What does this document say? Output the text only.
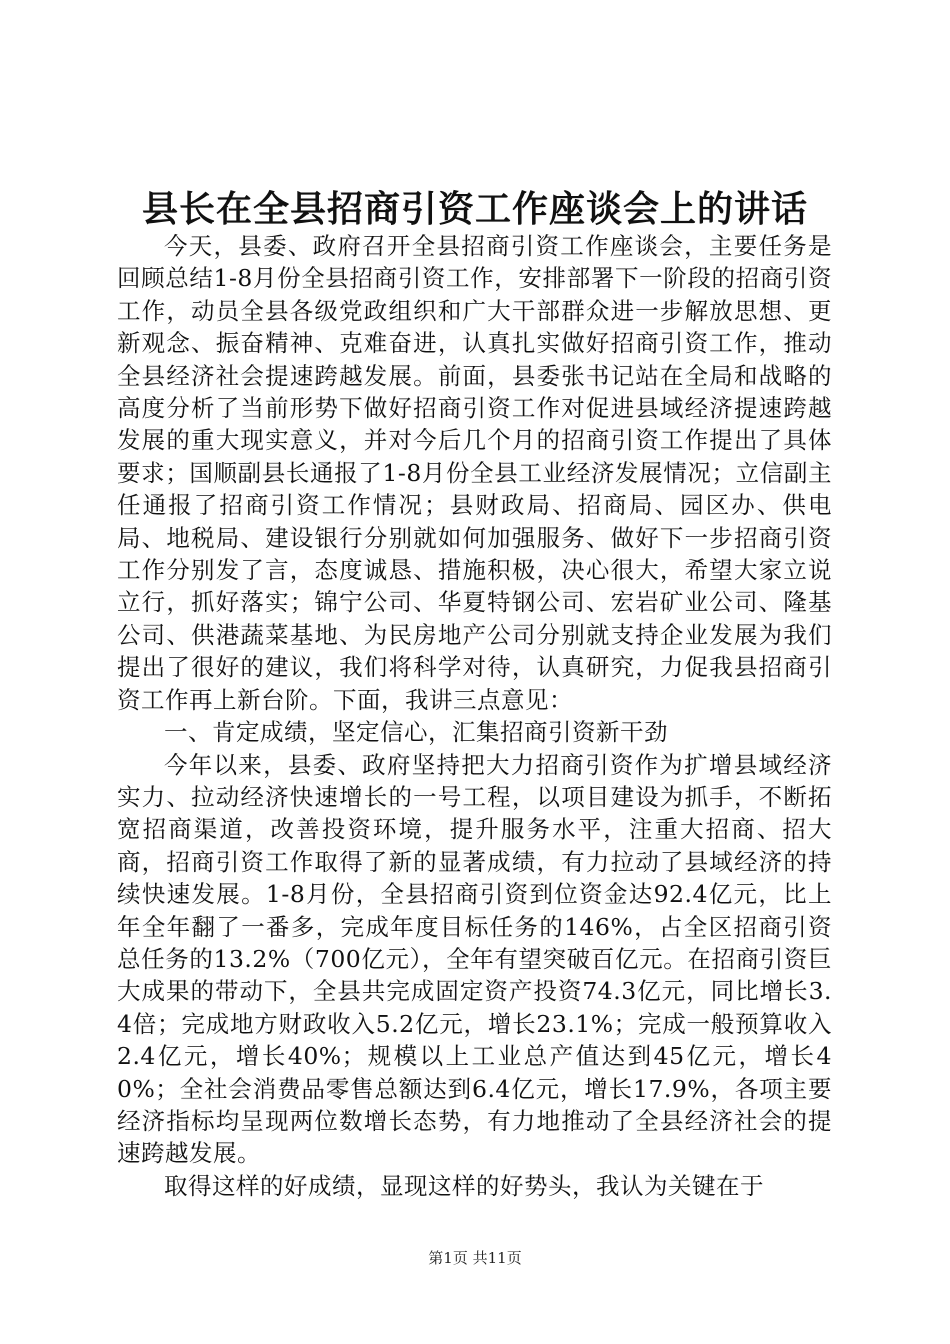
县长在全县招商引资工作座谈会上的讲话

今天，县委、政府召开全县招商引资工作座谈会，主要任务是回顾总结1-8月份全县招商引资工作，安排部署下一阶段的招商引资工作，动员全县各级党政组织和广大干部群众进一步解放思想、更新观念、振奋精神、克难奋进，认真扎实做好招商引资工作，推动全县经济社会提速跨越发展。前面，县委张书记站在全局和战略的高度分析了当前形势下做好招商引资工作对促进县域经济提速跨越发展的重大现实意义，并对今后几个月的招商引资工作提出了具体要求；国顺副县长通报了1-8月份全县工业经济发展情况；立信副主任通报了招商引资工作情况；县财政局、招商局、园区办、供电局、地税局、建设银行分别就如何加强服务、做好下一步招商引资工作分别发了言，态度诚恳、措施积极，决心很大，希望大家立说立行，抓好落实；锦宁公司、华夏特钢公司、宏岩矿业公司、隆基公司、供港蔬菜基地、为民房地产公司分别就支持企业发展为我们提出了很好的建议，我们将科学对待，认真研究，力促我县招商引资工作再上新台阶。下面，我讲三点意见：

一、肯定成绩，坚定信心，汇集招商引资新干劲

今年以来，县委、政府坚持把大力招商引资作为扩增县域经济实力、拉动经济快速增长的一号工程，以项目建设为抓手，不断拓宽招商渠道，改善投资环境，提升服务水平，注重大招商、招大商，招商引资工作取得了新的显著成绩，有力拉动了县域经济的持续快速发展。1-8月份，全县招商引资到位资金达92.4亿元，比上年全年翻了一番多，完成年度目标任务的146%，占全区招商引资总任务的13.2%（700亿元），全年有望突破百亿元。在招商引资巨大成果的带动下，全县共完成固定资产投资74.3亿元，同比增长3.4倍；完成地方财政收入5.2亿元，增长23.1%；完成一般预算收入2.4亿元，增长40%；规模以上工业总产值达到45亿元，增长40%；全社会消费品零售总额达到6.4亿元，增长17.9%，各项主要经济指标均呈现两位数增长态势，有力地推动了全县经济社会的提速跨越发展。

取得这样的好成绩，显现这样的好势头，我认为关键在于

第1页 共11页
